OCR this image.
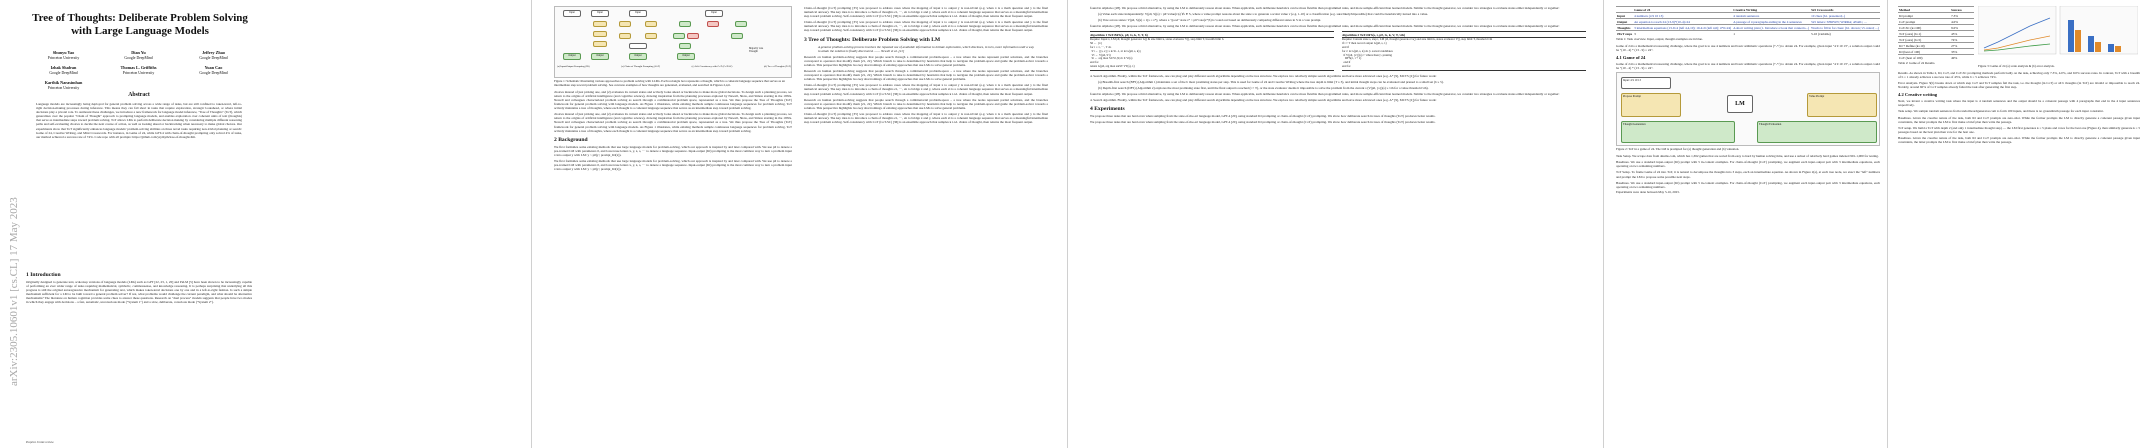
arXiv:2305.10601v1 [cs.CL] 17 May 2023
Tree of Thoughts: Deliberate Problem Solving with Large Language Models
Shunyu Yao
Princeton University
Dian Yu
Google DeepMind
Jeffrey Zhao
Google DeepMind
Izhak Shafran
Google DeepMind
Thomas L. Griffiths
Princeton University
Yuan Cao
Google DeepMind
Karthik Narasimhan
Princeton University
Abstract

Language models are increasingly being deployed for general problem solving across a wide range of tasks, but are still confined to token-level, left-to-right decision-making processes during inference. This means they can fall short in tasks that require exploration, strategic lookahead, or where initial decisions play a pivotal role. To surmount these challenges, we introduce a new framework for language model inference, "Tree of Thoughts" (ToT), which generalizes over the popular "Chain of Thought" approach to prompting language models, and enables exploration over coherent units of text (thoughts) that serve as intermediate steps toward problem solving. ToT allows LMs to perform deliberate decision making by considering multiple different reasoning paths and self-evaluating choices to decide the next course of action, as well as looking ahead or backtracking when necessary to make global choices. Our experiments show that ToT significantly enhances language models' problem-solving abilities on three novel tasks requiring non-trivial planning or search: Game of 24, Creative Writing, and Mini Crosswords. For instance, in Game of 24, while GPT-4 with chain-of-thought prompting only solved 4% of tasks, our method achieved a success rate of 74%. Code repo with all prompts: https://github.com/ysymyth/tree-of-thought-llm.

1 Introduction

Originally designed to generate text, scaled-up versions of language models (LMs) such as GPT [22, 23, 1, 20] and PaLM [5] have been shown to be increasingly capable of performing an ever wider range of tasks requiring mathematical, symbolic, commonsense, and knowledge reasoning. It is perhaps surprising that underlying all this progress is still the original autoregressive mechanism for generating text, which makes token-level decisions one by one and in a left-to-right fashion. Is such a simple mechanism sufficient for a LM to be built toward a general problem solver? If not, what problems would challenge the current paradigm, and what should be alternative mechanisms? The literature on human cognition provides some clues to answer these questions. Research on "dual process" models suggests that people have two modes in which they engage with decisions – a fast, automatic, unconscious mode ("System 1") and a slow, deliberate, conscious mode ("System 2").

Preprint. Under review.
Input
Output
Input
Output
Input
Output
Input
Output
Majority vote
Thought
(a) Input-Output Prompting (IO)	(c) Chain of Thought Prompting (CoT)	(c) Self Consistency with CoT (CoT-SC)	(d) Tree of Thoughts (ToT)

Figure 1: Schematic illustrating various approaches to problem solving with LLMs. Each rectangle box represents a thought, which is a coherent language sequence that serves as an intermediate step toward problem solving. See concrete examples of how thoughts are generated, evaluated, and searched in Figures 2,4,6.

choices instead of just picking one, and (2) evaluates its current status and actively looks ahead or backtracks to make more global decisions. To design such a planning process, we return to the origins of artificial intelligence (and cognitive science), drawing inspiration from the planning processes explored by Newell, Shaw, and Simon starting in the 1950s. Newell and colleagues characterized problem solving as search through a combinatorial problem space, represented as a tree. We thus propose the Tree of Thoughts (ToT) framework for general problem solving with language models. As Figure 1 illustrates, while existing methods sample continuous language sequences for problem solving, ToT actively maintains a tree of thoughts, where each thought is a coherent language sequence that serves as an intermediate step toward problem solving.

choices instead of just picking one, and (2) evaluates its current status and actively looks ahead or backtracks to make more global decisions. To design such a planning process, we return to the origins of artificial intelligence (and cognitive science), drawing inspiration from the planning processes explored by Newell, Shaw, and Simon starting in the 1950s. Newell and colleagues characterized problem solving as search through a combinatorial problem space, represented as a tree. We thus propose the Tree of Thoughts (ToT) framework for general problem solving with language models. As Figure 1 illustrates, while existing methods sample continuous language sequences for problem solving, ToT actively maintains a tree of thoughts, where each thought is a coherent language sequence that serves as an intermediate step toward problem solving.

2 Background

We first formalize some existing methods that use large language models for problem-solving, which our approach is inspired by and later compared with. We use pθ to denote a pre-trained LM with parameters θ, and lowercase letters x, y, z, s, ··· to denote a language sequence. Input-output (IO) prompting is the most common way to turn a problem input x into output y with LM: y ~ pθ(y | prompt_IO(x)).

We first formalize some existing methods that use large language models for problem-solving, which our approach is inspired by and later compared with. We use pθ to denote a pre-trained LM with parameters θ, and lowercase letters x, y, z, s, ··· to denote a language sequence. Input-output (IO) prompting is the most common way to turn a problem input x into output y with LM: y ~ pθ(y | prompt_IO(x)).

Chain-of-thought (CoT) prompting [35] was proposed to address cases where the mapping of input x to output y is non-trivial (e.g. when x is a math question and y is the final numerical answer). The key idea is to introduce a chain of thoughts z1, ···, zn to bridge x and y, where each zi is a coherent language sequence that serves as a meaningful intermediate step toward problem solving. Self-consistency with CoT (CoT-SC) [36] is an ensemble approach that samples k i.i.d. chains of thought, then returns the most frequent output.

Chain-of-thought (CoT) prompting [35] was proposed to address cases where the mapping of input x to output y is non-trivial (e.g. when x is a math question and y is the final numerical answer). The key idea is to introduce a chain of thoughts z1, ···, zn to bridge x and y, where each zi is a coherent language sequence that serves as a meaningful intermediate step toward problem solving. Self-consistency with CoT (CoT-SC) [36] is an ensemble approach that samples k i.i.d. chains of thought, then returns the most frequent output.

3 Tree of Thoughts: Deliberate Problem Solving with LM

A genuine problem-solving process involves the repeated use of available information to initiate exploration, which discloses, in turn, more information until a way to attain the solution is finally discovered. —— Newell et al. [21]

Research on human problem-solving suggests that people search through a combinatorial problem-space – a tree where the nodes represent partial solutions, and the branches correspond to operators that modify them [21, 22]. Which branch to take is determined by heuristics that help to navigate the problem-space and guide the problem-solver towards a solution. This perspective highlights two key shortcomings of existing approaches that use LMs to solve general problems.

Research on human problem-solving suggests that people search through a combinatorial problem-space – a tree where the nodes represent partial solutions, and the branches correspond to operators that modify them [21, 22]. Which branch to take is determined by heuristics that help to navigate the problem-space and guide the problem-solver towards a solution. This perspective highlights two key shortcomings of existing approaches that use LMs to solve general problems.

Chain-of-thought (CoT) prompting [35] was proposed to address cases where the mapping of input x to output y is non-trivial (e.g. when x is a math question and y is the final numerical answer). The key idea is to introduce a chain of thoughts z1, ···, zn to bridge x and y, where each zi is a coherent language sequence that serves as a meaningful intermediate step toward problem solving. Self-consistency with CoT (CoT-SC) [36] is an ensemble approach that samples k i.i.d. chains of thought, then returns the most frequent output.

Research on human problem-solving suggests that people search through a combinatorial problem-space – a tree where the nodes represent partial solutions, and the branches correspond to operators that modify them [21, 22]. Which branch to take is determined by heuristics that help to navigate the problem-space and guide the problem-solver towards a solution. This perspective highlights two key shortcomings of existing approaches that use LMs to solve general problems.

Chain-of-thought (CoT) prompting [35] was proposed to address cases where the mapping of input x to output y is non-trivial (e.g. when x is a math question and y is the final numerical answer). The key idea is to introduce a chain of thoughts z1, ···, zn to bridge x and y, where each zi is a coherent language sequence that serves as a meaningful intermediate step toward problem solving. Self-consistency with CoT (CoT-SC) [36] is an ensemble approach that samples k i.i.d. chains of thought, then returns the most frequent output.

found in AlphaGo [28]. We propose a third alternative, by using the LM to deliberately reason about states. When applicable, such deliberate heuristics can be more flexible than programmed rules, and more sample-efficient than learned models. Similar to the thought generator, we consider two strategies to evaluate states either independently or together:

(a) Value each state independently: V(pθ, S)(s) ~ pθ^value(v|s) ∀s ∈ S, where a value prompt reasons about the state s to generate a scalar value v (e.g. 1-10) or a classification (e.g. sure/likely/impossible) that could be heuristically turned into a value.

(b) Vote across states: V(pθ, S)(s) = 1[s = s*], where a "good" state s* ~ pθ^vote(s*|S) is voted out based on deliberately comparing different states in S in a vote prompt.

found in AlphaGo [28]. We propose a third alternative, by using the LM to deliberately reason about states. When applicable, such deliberate heuristics can be more flexible than programmed rules, and more sample-efficient than learned models. Similar to the thought generator, we consider two strategies to evaluate states either independently or together:

Algorithm 1 ToT-BFS(x, pθ, G, k, V, T, b)
Require: Input x, LM pθ, thought generator G() & size limit k, states evaluator V(), step limit T, breadth limit b.
S0 ← {x}
for t = 1, ···, T do
S't ← {[s, z] | s ∈ St−1, zt ∈ G(pθ, s, k)}
Vt ← V(pθ, S't)
St ← arg max S⊂S't,|S|=b Σ Vt(s)
end for
return G(pθ, arg max s∈ST VT(s), 1)
Algorithm 2 ToT-DFS(s, t, pθ, G, k, V, T, vth)
Require: Current state s, step t, LM pθ, thought generator G() and size limit k, states evaluator V(), step limit T, threshold vth
if t > T then record output G(pθ, s, 1)
end if
for s' ∈ G(pθ, s, k) do ▷ sorted candidates
if V(pθ, {s'})(s) > vthres then ▷ pruning
DFS(s', t + 1)
end if
end for

4. Search algorithm. Finally, within the ToT framework, one can plug and play different search algorithms depending on the tree structure. We explore two relatively simple search algorithms and leave more advanced ones (e.g. A* [9], MCTS [2]) for future work:

(a) Breadth-first search (BFS) (Algorithm 1) maintains a set of the b most promising states per step. This is used for Game of 24 and Creative Writing where the tree depth is limit (T ≤ 3), and initial thought steps can be evaluated and pruned to a small set (b ≤ 5).

(b) Depth-first search (DFS) (Algorithm 2) explores the most promising state first, until the final output is reached (t > T), or the state evaluator deems it impossible to solve the problem from the current s (V(pθ, {s})(s) ≤ vth for a value threshold vth).

found in AlphaGo [28]. We propose a third alternative, by using the LM to deliberately reason about states. When applicable, such deliberate heuristics can be more flexible than programmed rules, and more sample-efficient than learned models. Similar to the thought generator, we consider two strategies to evaluate states either independently or together:

4. Search algorithm. Finally, within the ToT framework, one can plug and play different search algorithms depending on the tree structure. We explore two relatively simple search algorithms and leave more advanced ones (e.g. A* [9], MCTS [2]) for future work:

4 Experiments

We propose three tasks that are hard even when sampling from the state-of-the-art language model, GPT-4 [20], using standard IO prompting or chain-of-thought (CoT) prompting. We show how deliberate search in trees of thoughts (ToT) produces better results.

We propose three tasks that are hard even when sampling from the state-of-the-art language model, GPT-4 [20], using standard IO prompting or chain-of-thought (CoT) prompting. We show how deliberate search in trees of thoughts (ToT) produces better results.

	Game of 24	Creative Writing	5x5 Crosswords
Input	4 numbers (4 9 10 13)	4 random sentences	10 clues (h1. presented;..)
Output	An equation to reach 24 (13-9)*(10-4)=24	A passage of 4 paragraphs ending in the 4 sentences	5x5 letters: SHOWN; WIRRA; AVAIL; ...
Thoughts	3 intermediate equations (13-9=4 (left 4,4,10); 10-4=6 (left 4,6); 4*6=24)	A short writing plan (1. Introduce a book that connects...)	Words to fill in for clues: (h1. shown; v5. naled; ...)
#ToT steps	3	1	5-10 (variable)

Table 1: Task overview. Input, output, thought examples are in blue.

Game of 24 is a mathematical reasoning challenge, where the goal is to use 4 numbers and basic arithmetic operations (+-*/) to obtain 24. For example, given input "4 9 10 13", a solution output could be "(10 - 4) * (13 - 9) = 24".

4.1 Game of 24

Game of 24 is a mathematical reasoning challenge, where the goal is to use 4 numbers and basic arithmetic operations (+-*/) to obtain 24. For example, given input "4 9 10 13", a solution output could be "(10 - 4) * (13 - 9) = 24".

Input: 4 9 10 13
Propose Prompt
LM
Value Prompt
Thought Generation	Thought Evaluation

Figure 2: ToT in a game of 24. The LM is prompted for (a) thought generation and (b) valuation.

Task Setup. We scrape data from 4nums.com, which has 1,362 games that are sorted from easy to hard by human solving time, and use a subset of relatively hard games indexed 901-1,000 for testing.

Baselines. We use a standard input-output (IO) prompt with 5 in-context examples. For chain-of-thought (CoT) prompting, we augment each input-output pair with 3 intermediate equations, each operating on two remaining numbers.

ToT Setup. To frame Game of 24 into ToT, it is natural to decompose the thoughts into 3 steps, each an intermediate equation. As shown in Figure 2(a), at each tree node, we exact the "left" numbers and prompt the LM to propose some possible next steps.

Baselines. We use a standard input-output (IO) prompt with 5 in-context examples. For chain-of-thought (CoT) prompting, we augment each input-output pair with 3 intermediate equations, each operating on two remaining numbers.

Experiments were done between May 5-16, 2023.

Method	Success
IO prompt	7.3%
CoT prompt	4.0%
CoT-SC (k=100)	9.0%
ToT (ours) (b=1)	45%
ToT (ours) (b=5)	74%
IO + Refine (k=10)	27%
IO (best of 100)	33%
CoT (best of 100)	49%

Table 2: Game of 24 Results.

Figure 3: Game of 24 (a) scale analysis & (b) error analysis.

Results. As shown in Table 2, IO, CoT, and CoT-SC prompting methods perform badly on the task, achieving only 7.3%, 4.0%, and 9.0% success rates. In contrast, ToT with a breadth of b = 1 already achieves a success rate of 45%, while b = 5 achieves 74%.

Error Analysis. Figure 3(b) breaks down at which step CoT and ToT samples fail the task, i.e. the thought (in CoT) or all b thoughts (in ToT) are invalid or impossible to reach 24. Notably, around 60% of CoT samples already failed the task after generating the first step.

4.2 Creative writing

Next, we invent a creative writing task where the input is 4 random sentences and the output should be a coherent passage with 4 paragraphs that end in the 4 input sentences respectively.

Task setup. We sample random sentences from randomwordgenerator.com to form 100 inputs, and there is no groundtruth passage for each input constraint.

Baselines. Given the creative nature of the task, both IO and CoT prompts are zero-shot. While the former prompts the LM to directly generate a coherent passage given input constraints, the latter prompts the LM to first make a brief plan then write the passage.

ToT setup. We build a ToT with depth 2 (and only 1 intermediate thought step) — the LM first generates k = 5 plans and votes for the best one (Figure 4), then similarly generate k = 5 passages based on the best plan then vote for the best one.

Baselines. Given the creative nature of the task, both IO and CoT prompts are zero-shot. While the former prompts the LM to directly generate a coherent passage given input constraints, the latter prompts the LM to first make a brief plan then write the passage.
